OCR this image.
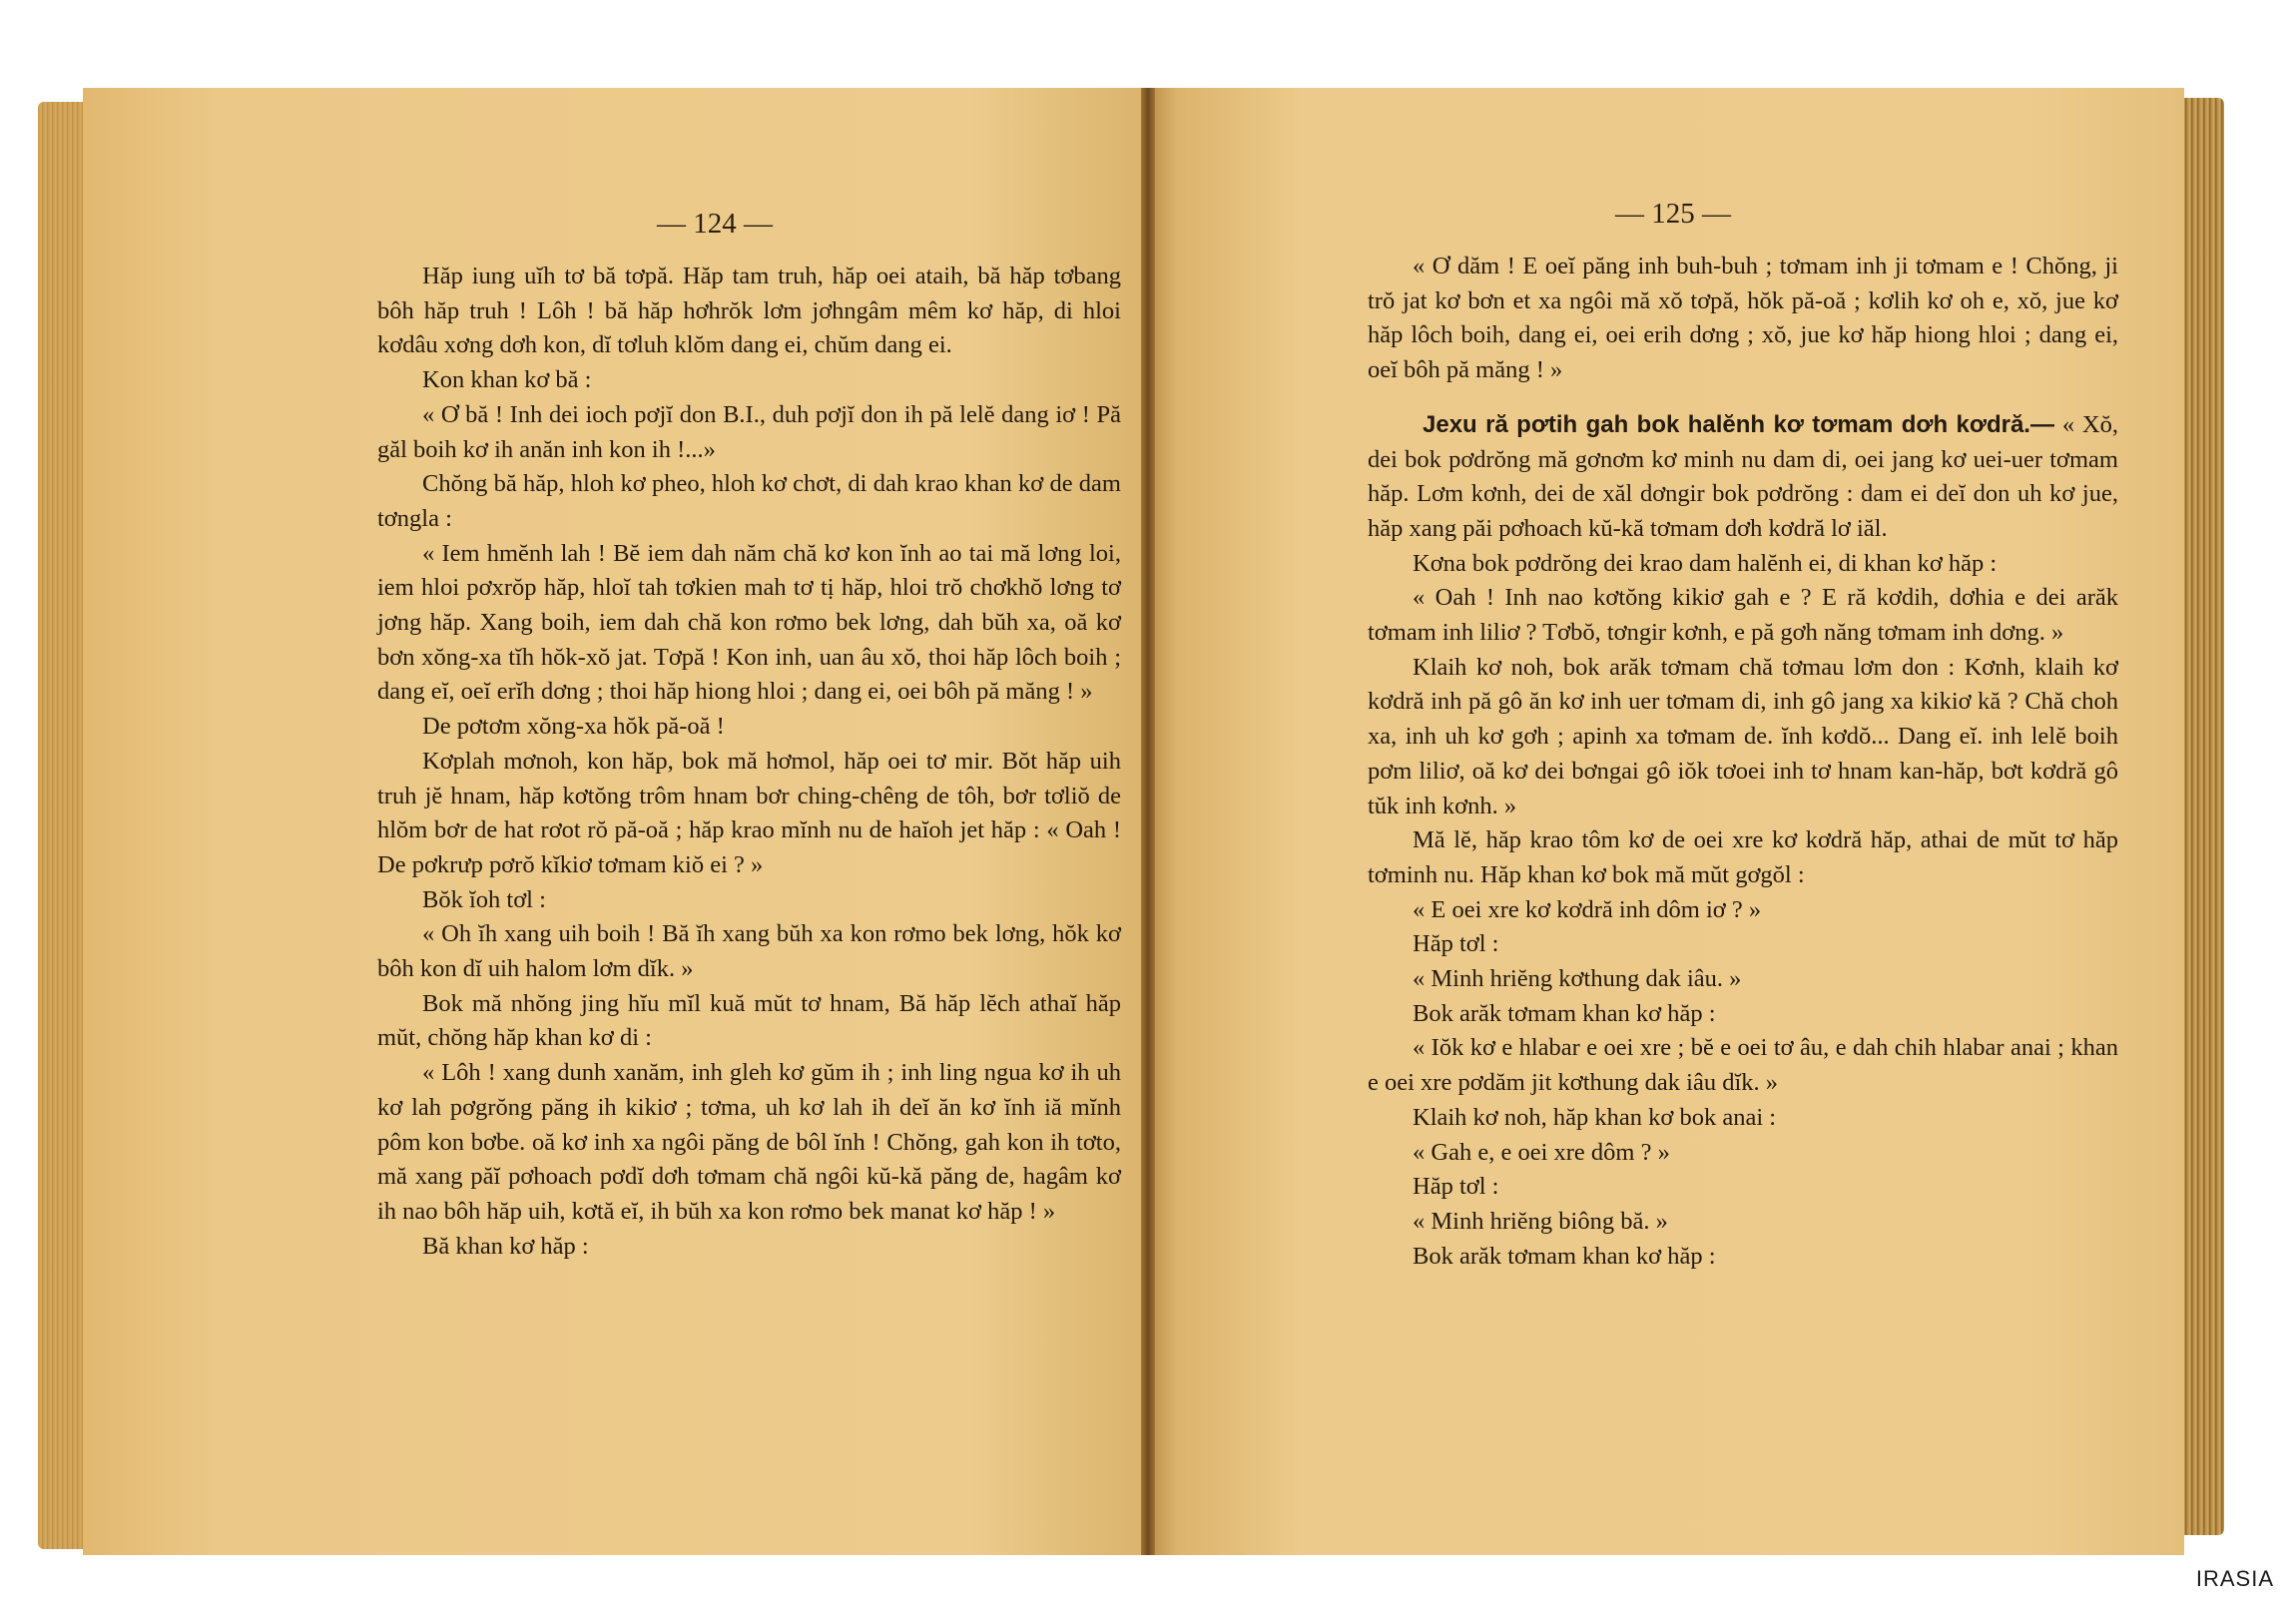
— 124 —

Hăp iung uĭh tơ bă tơpă. Hăp tam truh, hăp oei ataih, bă hăp tơbang bôh hăp truh ! Lôh ! bă hăp hơhrŏk lơm jơhngâm mêm kơ hăp, di hloi kơdâu xơng dơh kon, dĭ tơluh klŏm dang ei, chŭm dang ei.

Kon khan kơ bă :

« Ơ bă ! Inh dei ioch pơjĭ don B.I., duh pơjĭ don ih pă lelĕ dang iơ ! Pă găl boih kơ ih anăn inh kon ih !...»

Chŏng bă hăp, hloh kơ pheo, hloh kơ chơt, di dah krao khan kơ de dam tơngla :

« Iem hmĕnh lah ! Bĕ iem dah năm chă kơ kon ĭnh ao tai mă lơng loi, iem hloi pơxrŏp hăp, hloĭ tah tơkien mah tơ tị hăp, hloi trŏ chơkhŏ lơng tơ jơng hăp. Xang boih, iem dah chă kon rơmo bek lơng, dah bŭh xa, oă kơ bơn xŏng-xa tĭh hŏk-xŏ jat. Tơpă ! Kon inh, uan âu xŏ, thoi hăp lôch boih ; dang eĭ, oeĭ erĭh dơng ; thoi hăp hiong hloi ; dang ei, oei bôh pă măng ! »

De pơtơm xŏng-xa hŏk pă-oă !

Kơplah mơnoh, kon hăp, bok mă hơmol, hăp oei tơ mir. Bŏt hăp uih truh jĕ hnam, hăp kơtŏng trôm hnam bơr ching-chêng de tôh, bơr tơliŏ de hlŏm bơr de hat rơot rŏ pă-oă ; hăp krao mĭnh nu de haĭoh jet hăp : « Oah ! De pơkrưp pơrŏ kĭkiơ tơmam kiŏ ei ? »

Bŏk ĭoh tơl :

« Oh ĭh xang uih boih ! Bă ĭh xang bŭh xa kon rơmo bek lơng, hŏk kơ bôh kon dĭ uih halom lơm dĭk. »

Bok mă nhŏng jing hĭu mĭl kuă mŭt tơ hnam, Bă hăp lĕch athaĭ hăp mŭt, chŏng hăp khan kơ di :

« Lôh ! xang dunh xanăm, inh gleh kơ gŭm ih ; inh ling ngua kơ ih uh kơ lah pơgrŏng păng ih kikiơ ; tơma, uh kơ lah ih deĭ ăn kơ ĭnh iă mĭnh pôm kon bơbe. oă kơ inh xa ngôi păng de bôl ĭnh ! Chŏng, gah kon ih tơto, mă xang păĭ pơhoach pơdĭ dơh tơmam chă ngôi kŭ-kă păng de, hagâm kơ ih nao bôh hăp uih, kơtă eĭ, ih bŭh xa kon rơmo bek manat kơ hăp ! »

Bă khan kơ hăp :

— 125 —

« Ơ dăm ! E oeĭ păng inh buh-buh ; tơmam inh ji tơmam e ! Chŏng, ji trŏ jat kơ bơn et xa ngôi mă xŏ tơpă, hŏk pă-oă ; kơlih kơ oh e, xŏ, jue kơ hăp lôch boih, dang ei, oei erih dơng ; xŏ, jue kơ hăp hiong hloi ; dang ei, oeĭ bôh pă măng ! »

Jexu ră pơtih gah bok halĕnh kơ tơmam dơh kơdră.— « Xŏ, dei bok pơdrŏng mă gơnơm kơ minh nu dam di, oei jang kơ uei-uer tơmam hăp. Lơm kơnh, dei de xăl dơngir bok pơdrŏng : dam ei deĭ don uh kơ jue, hăp xang păi pơhoach kŭ-kă tơmam dơh kơdră lơ iăl.

Kơna bok pơdrŏng dei krao dam halĕnh ei, di khan kơ hăp :

« Oah ! Inh nao kơtŏng kikiơ gah e ? E ră kơdih, dơhia e dei arăk tơmam inh liliơ ? Tơbŏ, tơngir kơnh, e pă gơh năng tơmam inh dơng. »

Klaih kơ noh, bok arăk tơmam chă tơmau lơm don : Kơnh, klaih kơ kơdră inh pă gô ăn kơ inh uer tơmam di, inh gô jang xa kikiơ kă ? Chă choh xa, inh uh kơ gơh ; apinh xa tơmam de. ĭnh kơdŏ... Dang eĭ. inh lelĕ boih pơm liliơ, oă kơ dei bơngai gô iŏk tơoei inh tơ hnam kan-hăp, bơt kơdră gô tŭk inh kơnh. »

Mă lĕ, hăp krao tôm kơ de oei xre kơ kơdră hăp, athai de mŭt tơ hăp tơminh nu. Hăp khan kơ bok mă mŭt gơgŏl :

« E oei xre kơ kơdră inh dôm iơ ? »

Hăp tơl :

« Minh hriĕng kơthung dak iâu. »

Bok arăk tơmam khan kơ hăp :

« Iŏk kơ e hlabar e oei xre ; bĕ e oei tơ âu, e dah chih hlabar anai ; khan e oei xre pơdăm jit kơthung dak iâu dĭk. »

Klaih kơ noh, hăp khan kơ bok anai :

« Gah e, e oei xre dôm ? »

Hăp tơl :

« Minh hriĕng biông bă. »

Bok arăk tơmam khan kơ hăp :

IRASIA
